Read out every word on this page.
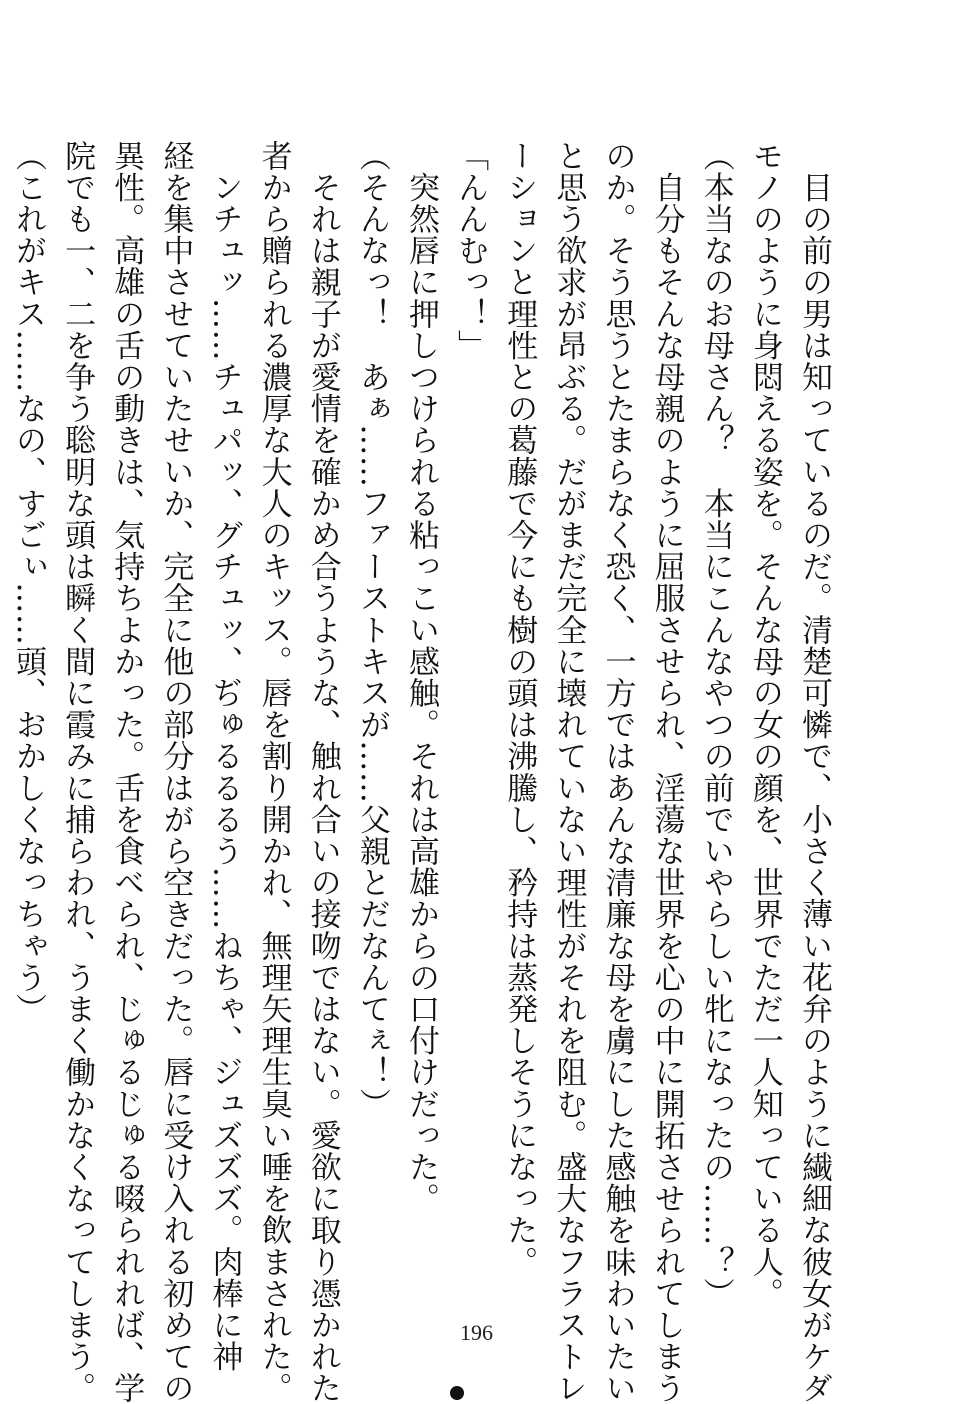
　目の前の男は知っているのだ。清楚可憐で、小さく薄い花弁のように繊細な彼女がケダ

モノのように身悶える姿を。そんな母の女の顔を、世界でただ一人知っている人。

（本当なのお母さん？　本当にこんなやつの前でいやらしい牝になったの……？）

　自分もそんな母親のように屈服させられ、淫蕩な世界を心の中に開拓させられてしまう

のか。そう思うとたまらなく恐く、一方ではあんな清廉な母を虜にした感触を味わいたい

と思う欲求が昂ぶる。だがまだ完全に壊れていない理性がそれを阻む。盛大なフラストレ

ーションと理性との葛藤で今にも樹の頭は沸騰し、矜持は蒸発しそうになった。

「んんむっ！」

　突然唇に押しつけられる粘っこい感触。それは高雄からの口付けだった。

（そんなっ！　あぁ……ファーストキスが……父親とだなんてぇ！）

　それは親子が愛情を確かめ合うような、触れ合いの接吻ではない。愛欲に取り憑かれた

者から贈られる濃厚な大人のキッス。唇を割り開かれ、無理矢理生臭い唾を飲まされた。

　ンチュッ……チュパッ、グチュッ、ぢゅるるるう……ねちゃ、ジュズズズ。肉棒に神

経を集中させていたせいか、完全に他の部分はがら空きだった。唇に受け入れる初めての

異性。高雄の舌の動きは、気持ちよかった。舌を食べられ、じゅるじゅる啜られれば、学

院でも一、二を争う聡明な頭は瞬く間に霞みに捕らわれ、うまく働かなくなってしまう。

（これがキス……なの、すごぃ……頭、おかしくなっちゃう）

196
